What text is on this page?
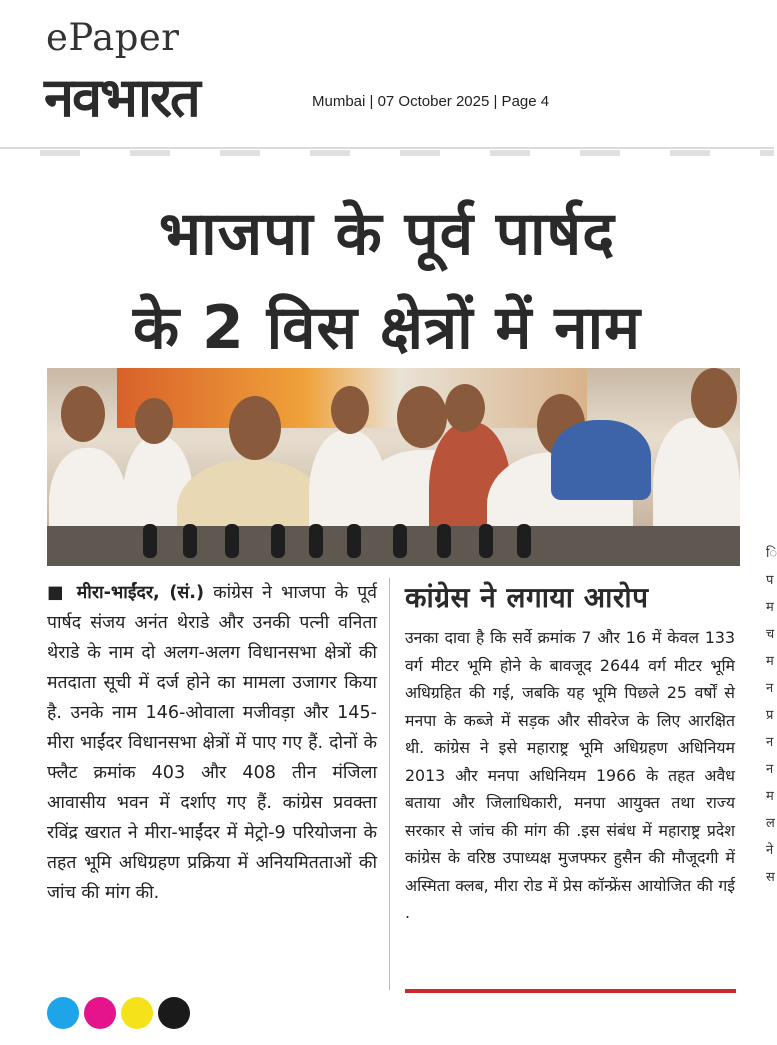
ePaper
नवभारत	Mumbai | 07 October 2025 | Page 4
भाजपा के पूर्व पार्षद
के 2 विस क्षेत्रों में नाम
■ मीरा-भाईंदर, (सं.) कांग्रेस ने भाजपा के पूर्व पार्षद संजय अनंत थेराडे और उनकी पत्नी वनिता थेराडे के नाम दो अलग-अलग विधानसभा क्षेत्रों की मतदाता सूची में दर्ज होने का मामला उजागर किया है. उनके नाम 146-ओवाला मजीवड़ा और 145-मीरा भाईंदर विधानसभा क्षेत्रों में पाए गए हैं. दोनों के फ्लैट क्रमांक 403 और 408 तीन मंजिला आवासीय भवन में दर्शाए गए हैं. कांग्रेस प्रवक्ता रविंद्र खरात ने मीरा-भाईंदर में मेट्रो-9 परियोजना के तहत भूमि अधिग्रहण प्रक्रिया में अनियमितताओं की जांच की मांग की.
कांग्रेस ने लगाया आरोप
उनका दावा है कि सर्वे क्रमांक 7 और 16 में केवल 133 वर्ग मीटर भूमि होने के बावजूद 2644 वर्ग मीटर भूमि अधिग्रहित की गई, जबकि यह भूमि पिछले 25 वर्षों से मनपा के कब्जे में सड़क और सीवरेज के लिए आरक्षित थी. कांग्रेस ने इसे महाराष्ट्र भूमि अधिग्रहण अधिनियम 2013 और मनपा अधिनियम 1966 के तहत अवैध बताया और जिलाधिकारी, मनपा आयुक्त तथा राज्य सरकार से जांच की मांग की .इस संबंध में महाराष्ट्र प्रदेश कांग्रेस के वरिष्ठ उपाध्यक्ष मुजफ्फर हुसैन की मौजूदगी में अस्मिता क्लब, मीरा रोड में प्रेस कॉन्फ्रेंस आयोजित की गई .
ि
प
म
च
म
न
प्र
न
न
म
ल
ने
स
